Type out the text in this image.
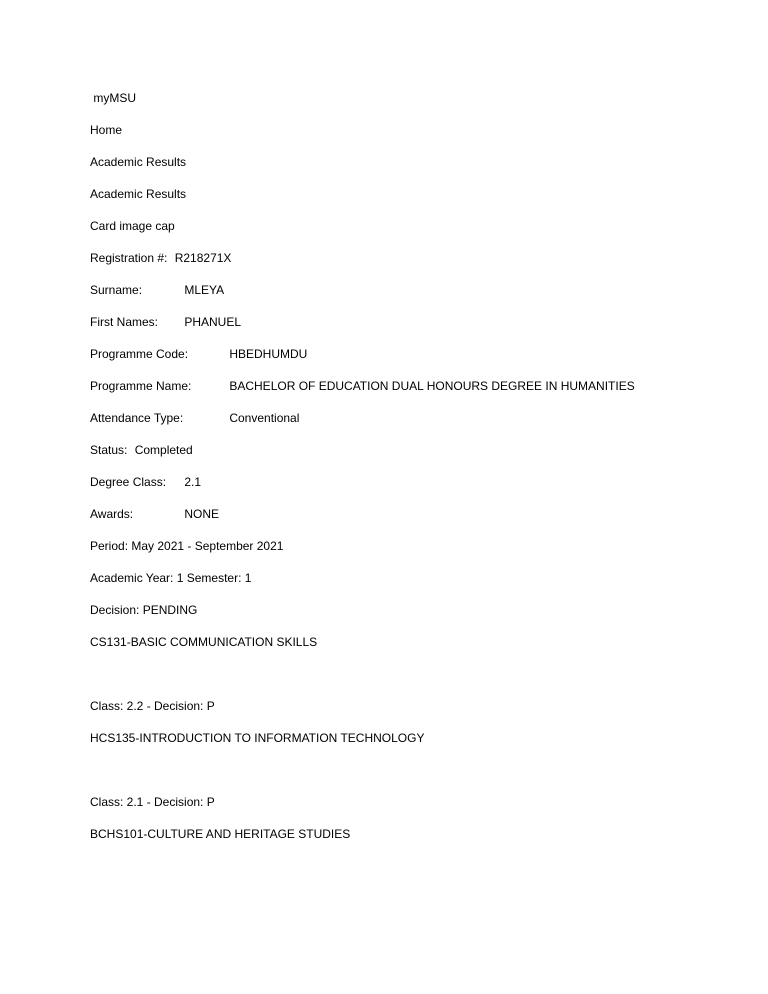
myMSU
Home
Academic Results
Academic Results
Card image cap
Registration #: R218271X
Surname:	MLEYA
First Names: PHANUEL
Programme Code:	HBEDHUMDU
Programme Name:	BACHELOR OF EDUCATION DUAL HONOURS DEGREE IN HUMANITIES
Attendance Type:	Conventional
Status: Completed
Degree Class: 2.1
Awards:	NONE
Period: May 2021 - September 2021
Academic Year: 1 Semester: 1
Decision: PENDING
CS131-BASIC COMMUNICATION SKILLS
Class: 2.2 - Decision: P
HCS135-INTRODUCTION TO INFORMATION TECHNOLOGY
Class: 2.1 - Decision: P
BCHS101-CULTURE AND HERITAGE STUDIES
